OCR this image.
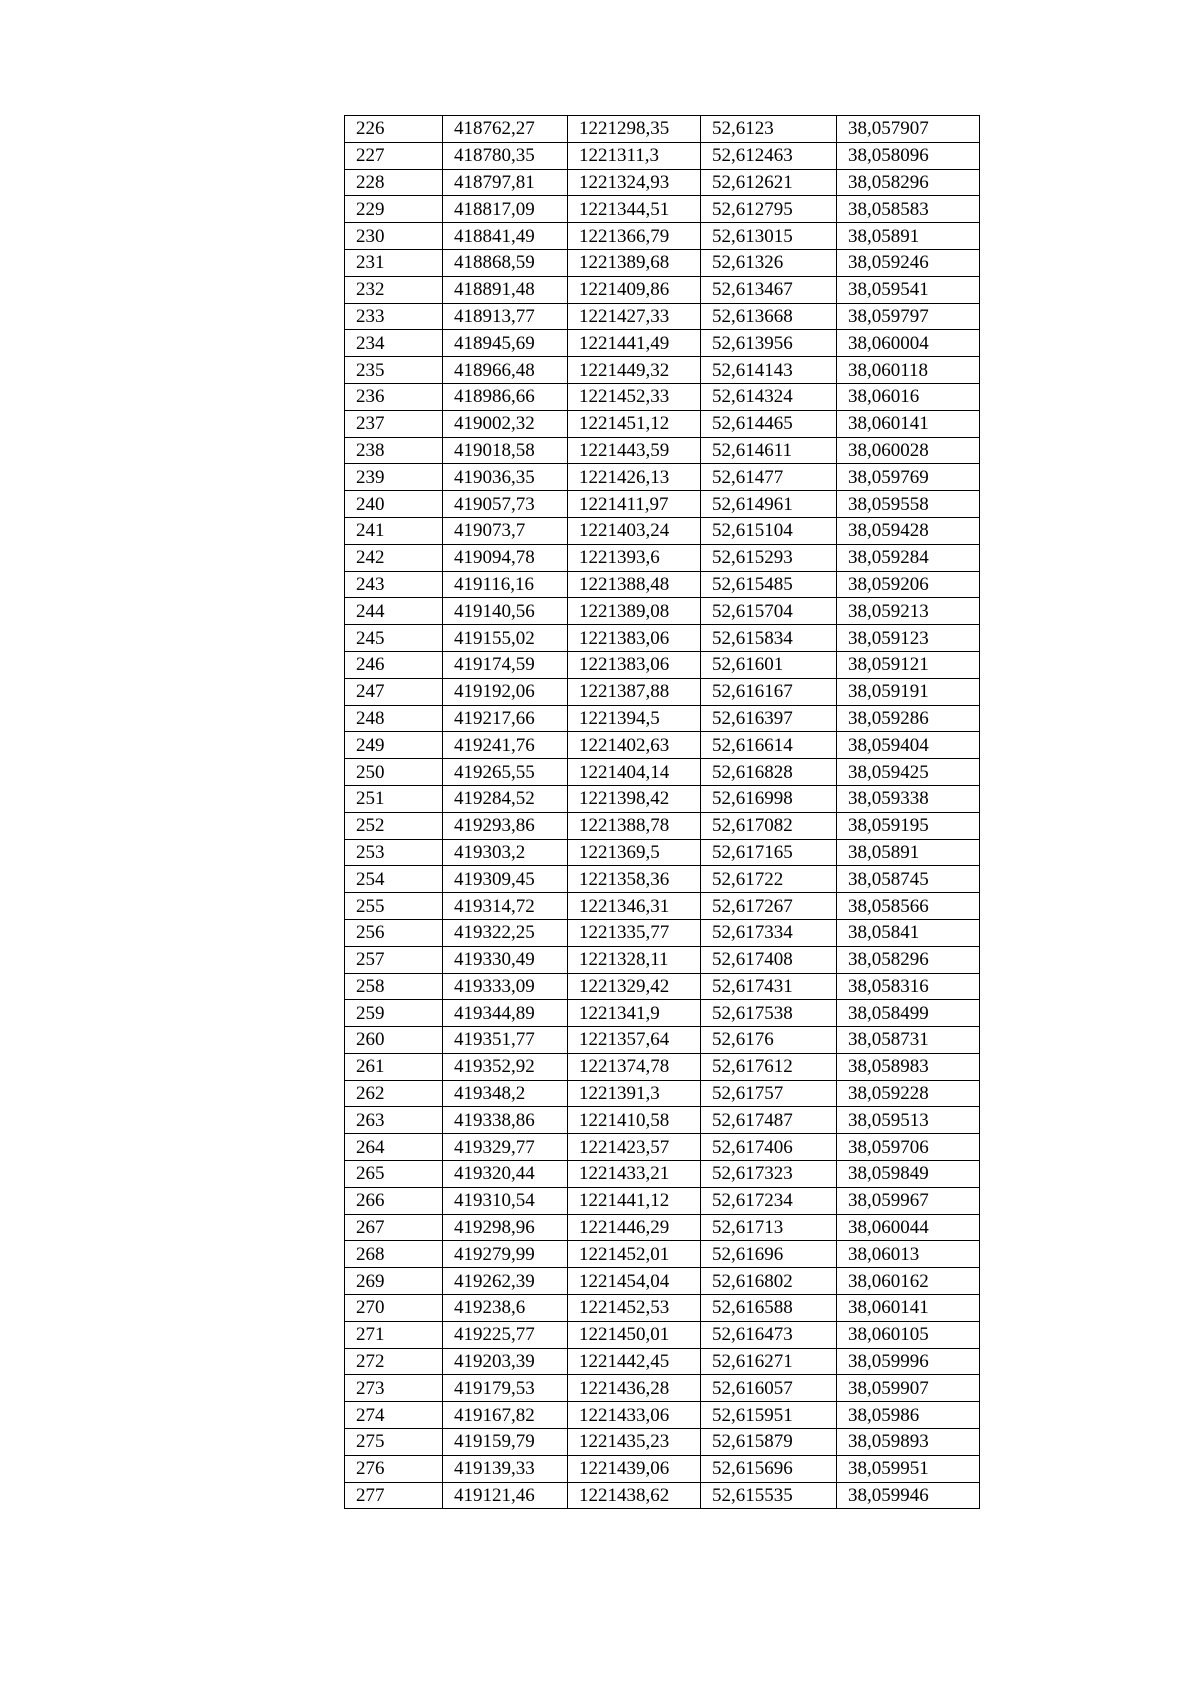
226	418762,27	1221298,35	52,6123	38,057907
227	418780,35	1221311,3	52,612463	38,058096
228	418797,81	1221324,93	52,612621	38,058296
229	418817,09	1221344,51	52,612795	38,058583
230	418841,49	1221366,79	52,613015	38,05891
231	418868,59	1221389,68	52,61326	38,059246
232	418891,48	1221409,86	52,613467	38,059541
233	418913,77	1221427,33	52,613668	38,059797
234	418945,69	1221441,49	52,613956	38,060004
235	418966,48	1221449,32	52,614143	38,060118
236	418986,66	1221452,33	52,614324	38,06016
237	419002,32	1221451,12	52,614465	38,060141
238	419018,58	1221443,59	52,614611	38,060028
239	419036,35	1221426,13	52,61477	38,059769
240	419057,73	1221411,97	52,614961	38,059558
241	419073,7	1221403,24	52,615104	38,059428
242	419094,78	1221393,6	52,615293	38,059284
243	419116,16	1221388,48	52,615485	38,059206
244	419140,56	1221389,08	52,615704	38,059213
245	419155,02	1221383,06	52,615834	38,059123
246	419174,59	1221383,06	52,61601	38,059121
247	419192,06	1221387,88	52,616167	38,059191
248	419217,66	1221394,5	52,616397	38,059286
249	419241,76	1221402,63	52,616614	38,059404
250	419265,55	1221404,14	52,616828	38,059425
251	419284,52	1221398,42	52,616998	38,059338
252	419293,86	1221388,78	52,617082	38,059195
253	419303,2	1221369,5	52,617165	38,05891
254	419309,45	1221358,36	52,61722	38,058745
255	419314,72	1221346,31	52,617267	38,058566
256	419322,25	1221335,77	52,617334	38,05841
257	419330,49	1221328,11	52,617408	38,058296
258	419333,09	1221329,42	52,617431	38,058316
259	419344,89	1221341,9	52,617538	38,058499
260	419351,77	1221357,64	52,6176	38,058731
261	419352,92	1221374,78	52,617612	38,058983
262	419348,2	1221391,3	52,61757	38,059228
263	419338,86	1221410,58	52,617487	38,059513
264	419329,77	1221423,57	52,617406	38,059706
265	419320,44	1221433,21	52,617323	38,059849
266	419310,54	1221441,12	52,617234	38,059967
267	419298,96	1221446,29	52,61713	38,060044
268	419279,99	1221452,01	52,61696	38,06013
269	419262,39	1221454,04	52,616802	38,060162
270	419238,6	1221452,53	52,616588	38,060141
271	419225,77	1221450,01	52,616473	38,060105
272	419203,39	1221442,45	52,616271	38,059996
273	419179,53	1221436,28	52,616057	38,059907
274	419167,82	1221433,06	52,615951	38,05986
275	419159,79	1221435,23	52,615879	38,059893
276	419139,33	1221439,06	52,615696	38,059951
277	419121,46	1221438,62	52,615535	38,059946
